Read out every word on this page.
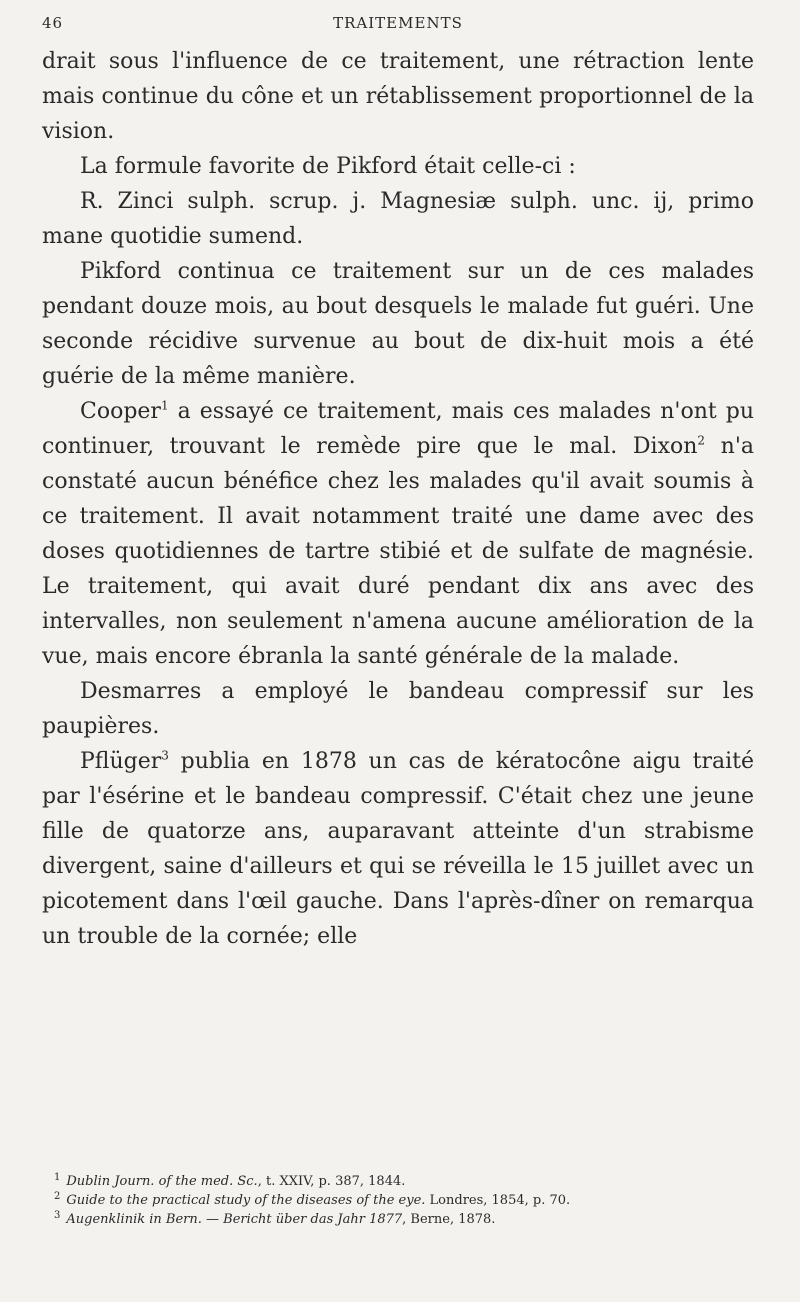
46	TRAITEMENTS

drait sous l'influence de ce traitement, une rétraction lente mais continue du cône et un rétablissement proportionnel de la vision.

La formule favorite de Pikford était celle-ci :

R. Zinci sulph. scrup. j. Magnesiæ sulph. unc. ij, primo mane quotidie sumend.

Pikford continua ce traitement sur un de ces malades pendant douze mois, au bout desquels le malade fut guéri. Une seconde récidive survenue au bout de dix-huit mois a été guérie de la même manière.

Cooper$^1$ a essayé ce traitement, mais ces malades n'ont pu continuer, trouvant le remède pire que le mal. Dixon$^2$ n'a constaté aucun bénéfice chez les malades qu'il avait soumis à ce traitement. Il avait notamment traité une dame avec des doses quotidiennes de tartre stibié et de sulfate de magnésie. Le traitement, qui avait duré pendant dix ans avec des intervalles, non seulement n'amena aucune amélioration de la vue, mais encore ébranla la santé générale de la malade.

Desmarres a employé le bandeau compressif sur les paupières.

Pflüger$^3$ publia en 1878 un cas de kératocône aigu traité par l'ésérine et le bandeau compressif. C'était chez une jeune fille de quatorze ans, auparavant atteinte d'un strabisme divergent, saine d'ailleurs et qui se réveilla le 15 juillet avec un picotement dans l'œil gauche. Dans l'après-dîner on remarqua un trouble de la cornée; elle

$^1$ Dublin Journ. of the med. Sc., t. XXIV, p. 387, 1844.

$^2$ Guide to the practical study of the diseases of the eye. Londres, 1854, p. 70.

$^3$ Augenklinik in Bern. — Bericht über das Jahr 1877, Berne, 1878.
